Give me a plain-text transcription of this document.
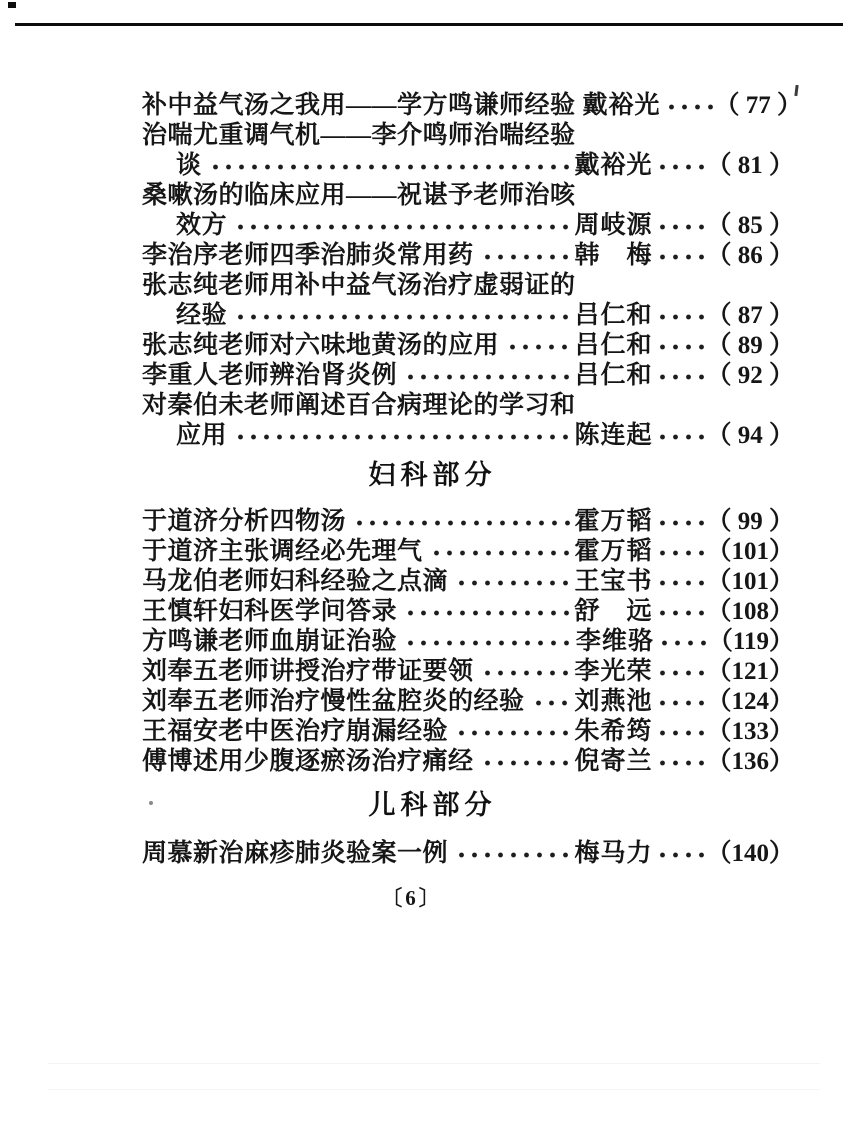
补中益气汤之我用——学方鸣谦师经验 戴裕光 （ 77 ）
治喘尤重调气机——李介鸣师治喘经验
谈	戴裕光 （ 81 ）
桑嗽汤的临床应用——祝谌予老师治咳
效方	周岐源 （ 85 ）
李治序老师四季治肺炎常用药	韩　梅 （ 86 ）
张志纯老师用补中益气汤治疗虚弱证的
经验	吕仁和 （ 87 ）
张志纯老师对六味地黄汤的应用	吕仁和 （ 89 ）
李重人老师辨治肾炎例	吕仁和 （ 92 ）
对秦伯未老师阐述百合病理论的学习和
应用	陈连起 （ 94 ）
妇科部分
于道济分析四物汤	霍万韬 （ 99 ）
于道济主张调经必先理气	霍万韬 （101）
马龙伯老师妇科经验之点滴	王宝书 （101）
王慎轩妇科医学问答录	舒　远 （108）
方鸣谦老师血崩证治验	李维骆 （119）
刘奉五老师讲授治疗带证要领	李光荣 （121）
刘奉五老师治疗慢性盆腔炎的经验 刘燕池 （124）
王福安老中医治疗崩漏经验	朱希筠 （133）
傅博述用少腹逐瘀汤治疗痛经	倪寄兰 （136）
儿科部分
周慕新治麻疹肺炎验案一例	梅马力 （140）
〔6〕
